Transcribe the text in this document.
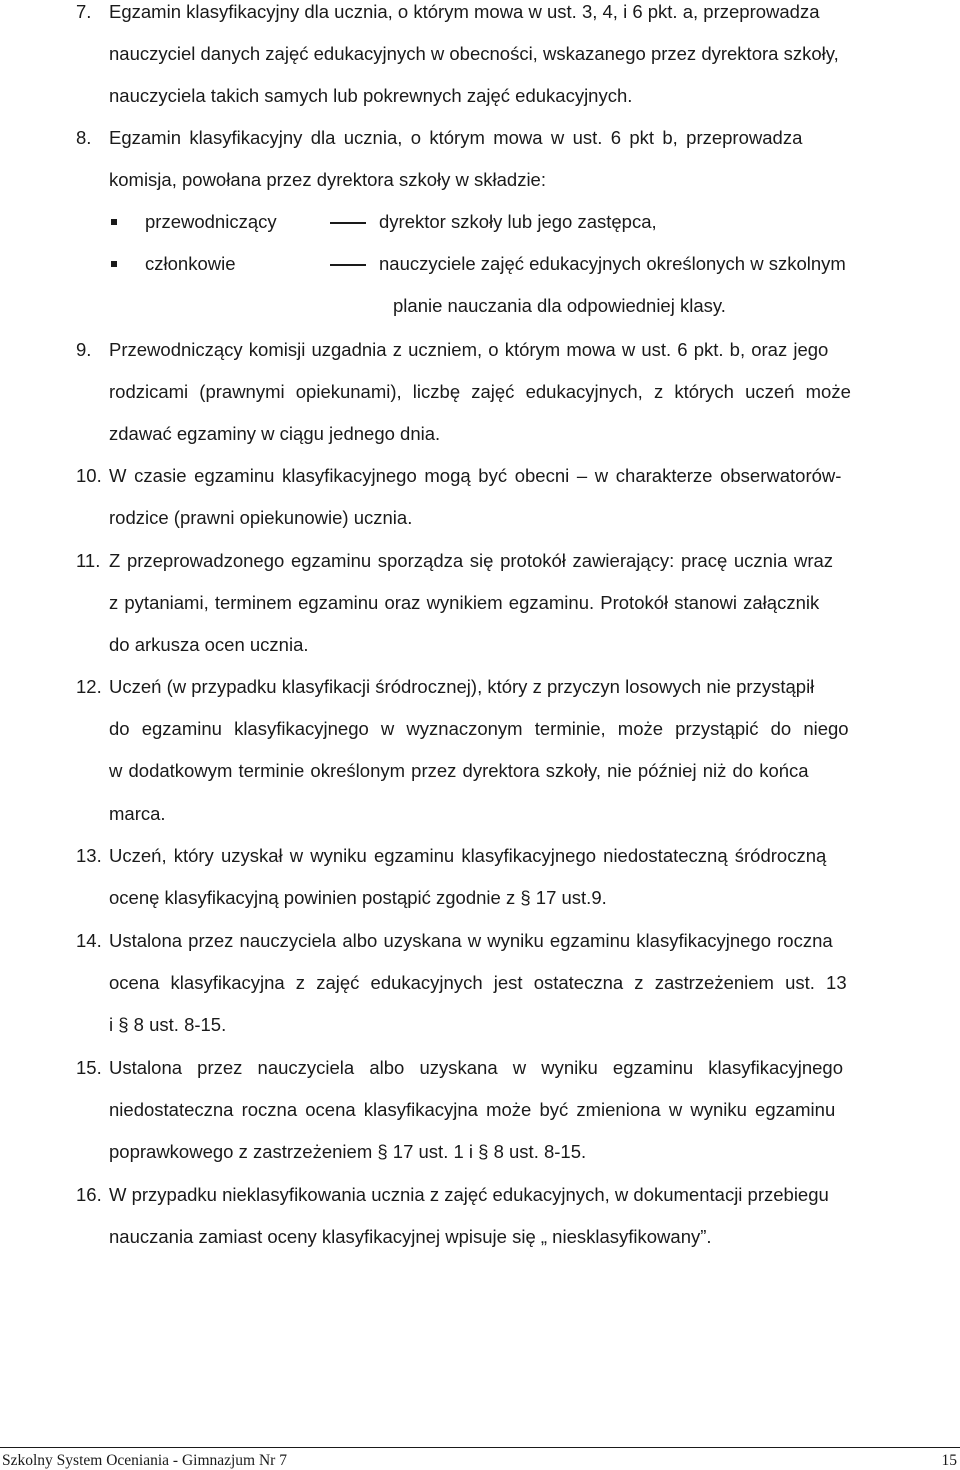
7. Egzamin klasyfikacyjny dla ucznia, o którym mowa w ust. 3, 4, i 6 pkt. a, przeprowadza
nauczyciel danych zajęć edukacyjnych w obecności, wskazanego przez dyrektora szkoły,
nauczyciela takich samych lub pokrewnych zajęć edukacyjnych.
8. Egzamin klasyfikacyjny dla ucznia, o którym mowa w ust. 6 pkt b, przeprowadza
komisja, powołana przez dyrektora szkoły w składzie:
przewodniczący	dyrektor szkoły lub jego zastępca,
członkowie	nauczyciele zajęć edukacyjnych określonych w szkolnym
planie nauczania dla odpowiedniej klasy.
9. Przewodniczący komisji uzgadnia z uczniem, o którym mowa w ust. 6 pkt. b, oraz jego
rodzicami (prawnymi opiekunami), liczbę zajęć edukacyjnych, z których uczeń może
zdawać egzaminy w ciągu jednego dnia.
10. W czasie egzaminu klasyfikacyjnego mogą być obecni – w charakterze obserwatorów-
rodzice (prawni opiekunowie) ucznia.
11. Z przeprowadzonego egzaminu sporządza się protokół zawierający: pracę ucznia wraz
z pytaniami, terminem egzaminu oraz wynikiem egzaminu. Protokół stanowi załącznik
do arkusza ocen ucznia.
12. Uczeń (w przypadku klasyfikacji śródrocznej), który z przyczyn losowych nie przystąpił
do egzaminu klasyfikacyjnego w wyznaczonym terminie, może przystąpić do niego
w dodatkowym terminie określonym przez dyrektora szkoły, nie później niż do końca
marca.
13. Uczeń, który uzyskał w wyniku egzaminu klasyfikacyjnego niedostateczną śródroczną
ocenę klasyfikacyjną powinien postąpić zgodnie z § 17 ust.9.
14. Ustalona przez nauczyciela albo uzyskana w wyniku egzaminu klasyfikacyjnego roczna
ocena klasyfikacyjna z zajęć edukacyjnych jest ostateczna z zastrzeżeniem ust. 13
i § 8 ust. 8-15.
15. Ustalona przez nauczyciela albo uzyskana w wyniku egzaminu klasyfikacyjnego
niedostateczna roczna ocena klasyfikacyjna może być zmieniona w wyniku egzaminu
poprawkowego z zastrzeżeniem § 17 ust. 1 i § 8 ust. 8-15.
16. W przypadku nieklasyfikowania ucznia z zajęć edukacyjnych, w dokumentacji przebiegu
nauczania zamiast oceny klasyfikacyjnej wpisuje się „ niesklasyfikowany”.
Szkolny System Oceniania - Gimnazjum Nr 7	15
